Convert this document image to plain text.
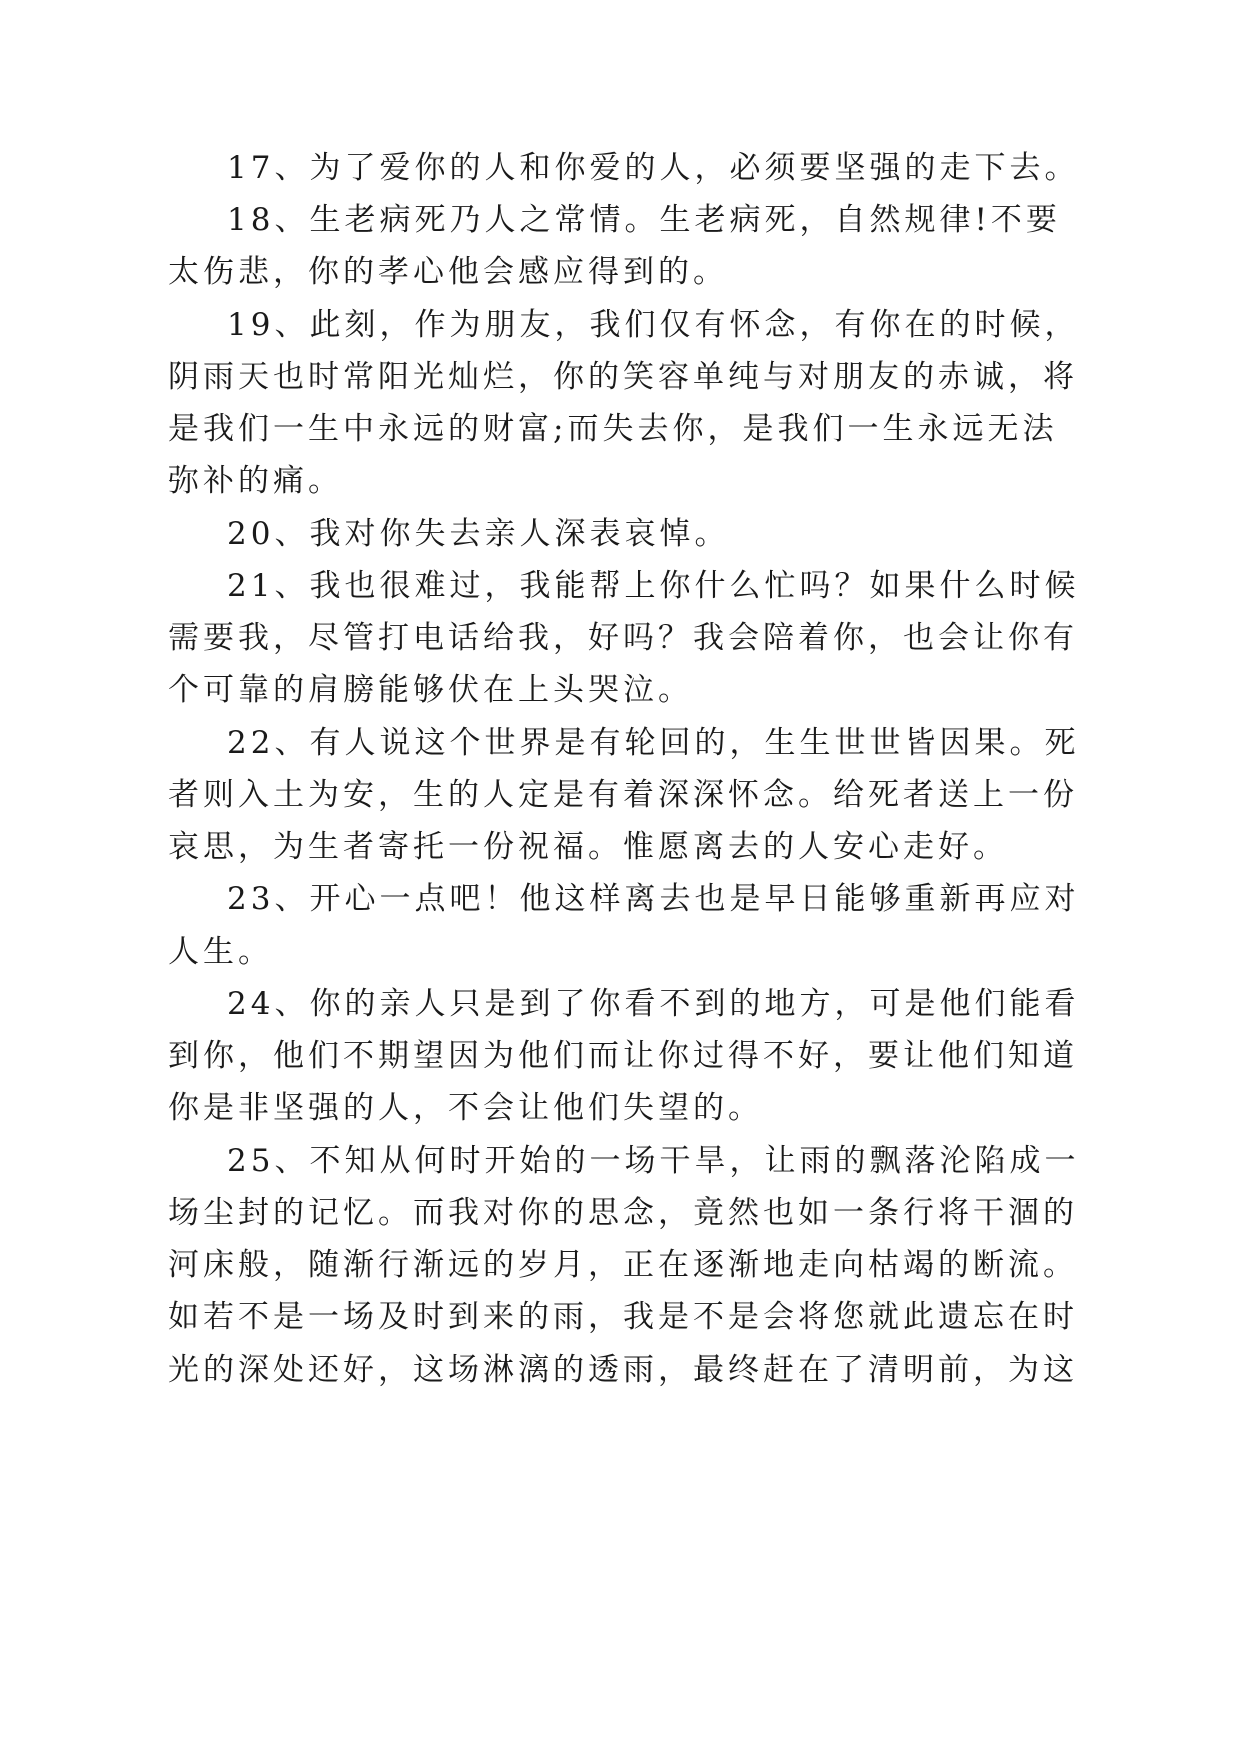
17、为了爱你的人和你爱的人，必须要坚强的走下去。
18、生老病死乃人之常情。生老病死，自然规律!不要
太伤悲，你的孝心他会感应得到的。
19、此刻，作为朋友，我们仅有怀念，有你在的时候，
阴雨天也时常阳光灿烂，你的笑容单纯与对朋友的赤诚，将
是我们一生中永远的财富;而失去你，是我们一生永远无法
弥补的痛。
20、我对你失去亲人深表哀悼。
21、我也很难过，我能帮上你什么忙吗？如果什么时候
需要我，尽管打电话给我，好吗？我会陪着你，也会让你有
个可靠的肩膀能够伏在上头哭泣。
22、有人说这个世界是有轮回的，生生世世皆因果。死
者则入土为安，生的人定是有着深深怀念。给死者送上一份
哀思，为生者寄托一份祝福。惟愿离去的人安心走好。
23、开心一点吧！他这样离去也是早日能够重新再应对
人生。
24、你的亲人只是到了你看不到的地方，可是他们能看
到你，他们不期望因为他们而让你过得不好，要让他们知道
你是非坚强的人，不会让他们失望的。
25、不知从何时开始的一场干旱，让雨的飘落沦陷成一
场尘封的记忆。而我对你的思念，竟然也如一条行将干涸的
河床般，随渐行渐远的岁月，正在逐渐地走向枯竭的断流。
如若不是一场及时到来的雨，我是不是会将您就此遗忘在时
光的深处还好，这场淋漓的透雨，最终赶在了清明前，为这
